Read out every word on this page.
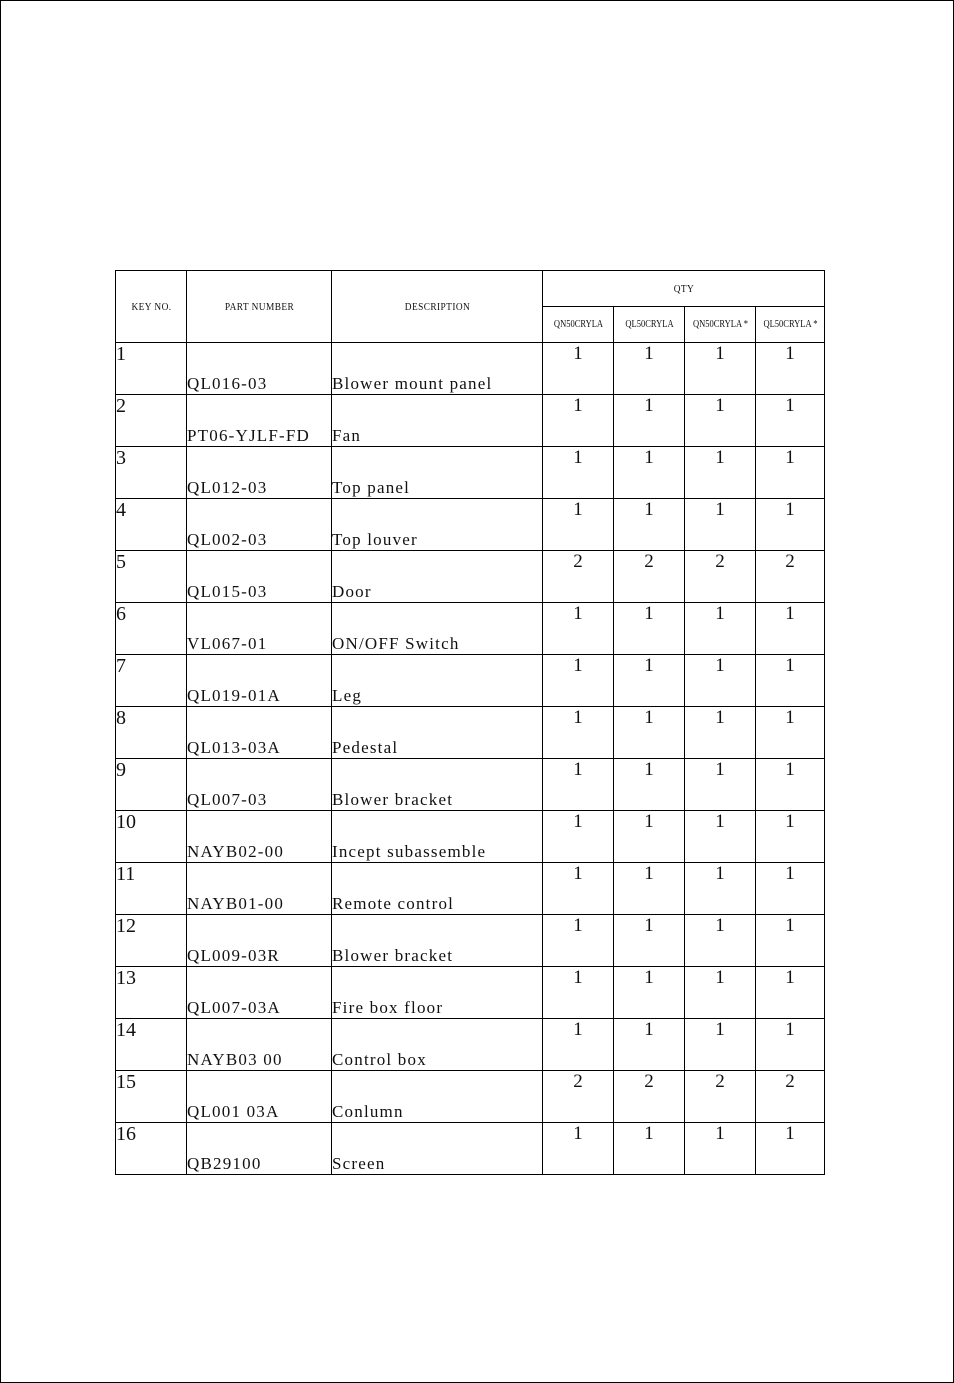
KEY NO.	PART NUMBER	DESCRIPTION	QTY			
			QN50CRYLA	QL50CRYLA	QN50CRYLA *	QL50CRYLA *
1	QL016-03	Blower mount panel	1	1	1	1
2	PT06-YJLF-FD	Fan	1	1	1	1
3	QL012-03	Top panel	1	1	1	1
4	QL002-03	Top louver	1	1	1	1
5	QL015-03	Door	2	2	2	2
6	VL067-01	ON/OFF Switch	1	1	1	1
7	QL019-01A	Leg	1	1	1	1
8	QL013-03A	Pedestal	1	1	1	1
9	QL007-03	Blower bracket	1	1	1	1
10	NAYB02-00	Incept subassemble	1	1	1	1
11	NAYB01-00	Remote control	1	1	1	1
12	QL009-03R	Blower bracket	1	1	1	1
13	QL007-03A	Fire box floor	1	1	1	1
14	NAYB03 00	Control box	1	1	1	1
15	QL001 03A	Conlumn	2	2	2	2
16	QB29100	Screen	1	1	1	1
